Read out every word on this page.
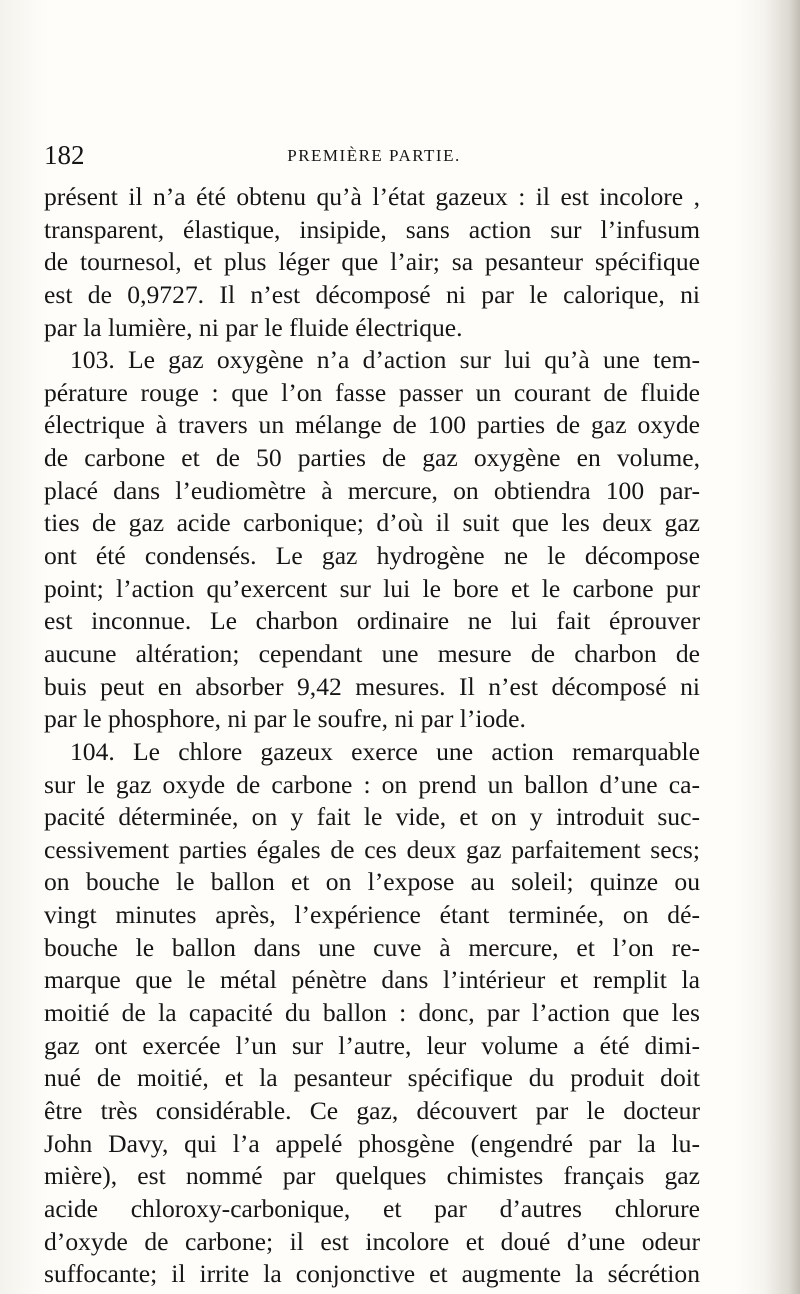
182	PREMIÈRE PARTIE.
présent il n’a été obtenu qu’à l’état gazeux : il est incolore ,
transparent, élastique, insipide, sans action sur l’infusum
de tournesol, et plus léger que l’air; sa pesanteur spécifique
est de 0,9727. Il n’est décomposé ni par le calorique, ni
par la lumière, ni par le fluide électrique.
103. Le gaz oxygène n’a d’action sur lui qu’à une tem-
pérature rouge : que l’on fasse passer un courant de fluide
électrique à travers un mélange de 100 parties de gaz oxyde
de carbone et de 50 parties de gaz oxygène en volume,
placé dans l’eudiomètre à mercure, on obtiendra 100 par-
ties de gaz acide carbonique; d’où il suit que les deux gaz
ont été condensés. Le gaz hydrogène ne le décompose
point; l’action qu’exercent sur lui le bore et le carbone pur
est inconnue. Le charbon ordinaire ne lui fait éprouver
aucune altération; cependant une mesure de charbon de
buis peut en absorber 9,42 mesures. Il n’est décomposé ni
par le phosphore, ni par le soufre, ni par l’iode.
104. Le chlore gazeux exerce une action remarquable
sur le gaz oxyde de carbone : on prend un ballon d’une ca-
pacité déterminée, on y fait le vide, et on y introduit suc-
cessivement parties égales de ces deux gaz parfaitement secs;
on bouche le ballon et on l’expose au soleil; quinze ou
vingt minutes après, l’expérience étant terminée, on dé-
bouche le ballon dans une cuve à mercure, et l’on re-
marque que le métal pénètre dans l’intérieur et remplit la
moitié de la capacité du ballon : donc, par l’action que les
gaz ont exercée l’un sur l’autre, leur volume a été dimi-
nué de moitié, et la pesanteur spécifique du produit doit
être très considérable. Ce gaz, découvert par le docteur
John Davy, qui l’a appelé phosgène (engendré par la lu-
mière), est nommé par quelques chimistes français gaz
acide chloroxy-carbonique, et par d’autres chlorure
d’oxyde de carbone; il est incolore et doué d’une odeur
suffocante; il irrite la conjonctive et augmente la sécrétion
